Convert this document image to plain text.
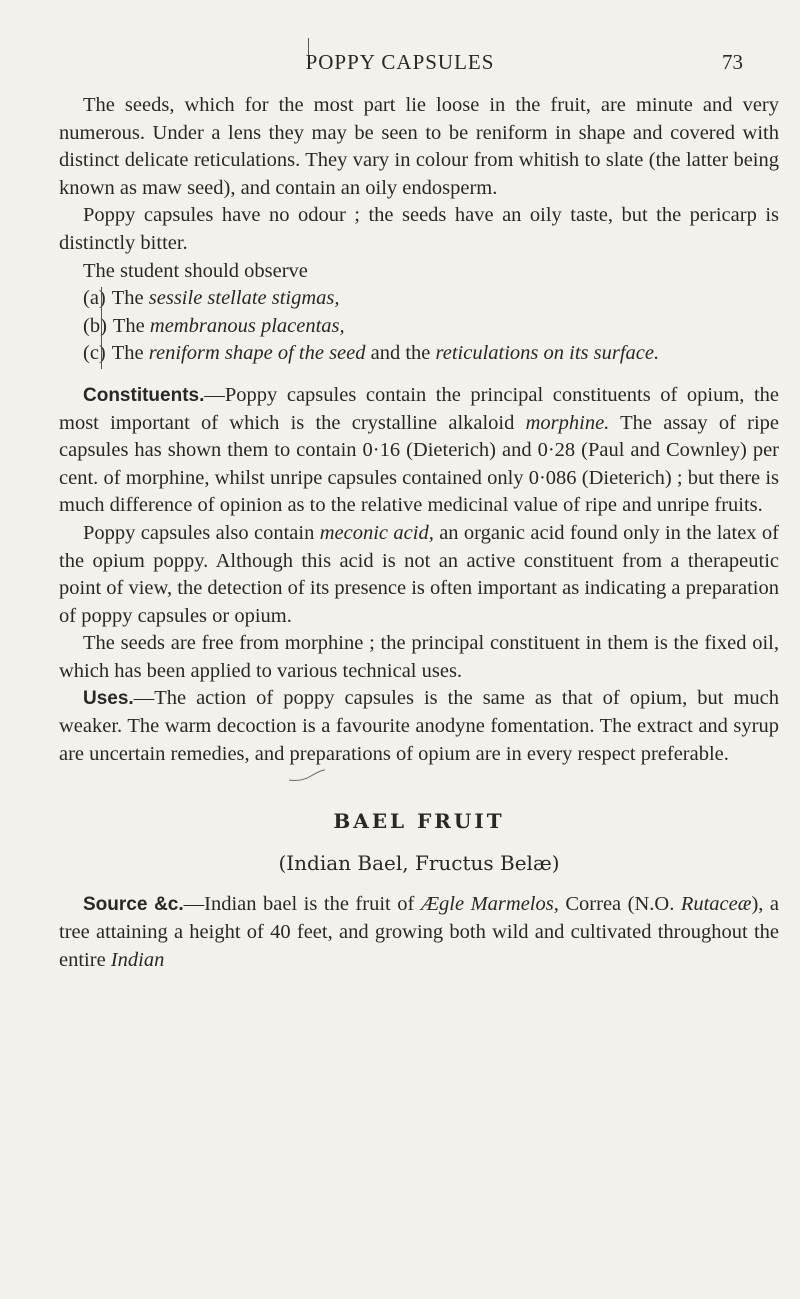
POPPY CAPSULES	73

The seeds, which for the most part lie loose in the fruit, are minute and very numerous. Under a lens they may be seen to be reniform in shape and covered with distinct delicate reticulations. They vary in colour from whitish to slate (the latter being known as maw seed), and contain an oily endosperm.

Poppy capsules have no odour ; the seeds have an oily taste, but the pericarp is distinctly bitter.

The student should observe

(a) The sessile stellate stigmas,
(b) The membranous placentas,
(c) The reniform shape of the seed and the reticulations on its surface.

Constituents.—Poppy capsules contain the principal constituents of opium, the most important of which is the crystalline alkaloid morphine. The assay of ripe capsules has shown them to contain 0·16 (Dieterich) and 0·28 (Paul and Cownley) per cent. of morphine, whilst unripe capsules contained only 0·086 (Dieterich) ; but there is much difference of opinion as to the relative medicinal value of ripe and unripe fruits.

Poppy capsules also contain meconic acid, an organic acid found only in the latex of the opium poppy. Although this acid is not an active constituent from a therapeutic point of view, the detection of its presence is often important as indicating a preparation of poppy capsules or opium.

The seeds are free from morphine ; the principal constituent in them is the fixed oil, which has been applied to various technical uses.

Uses.—The action of poppy capsules is the same as that of opium, but much weaker. The warm decoction is a favourite anodyne fomentation. The extract and syrup are uncertain remedies, and preparations of opium are in every respect preferable.

BAEL FRUIT
(Indian Bael, Fructus Belæ)

Source &c.—Indian bael is the fruit of Ægle Marmelos, Correa (N.O. Rutaceæ), a tree attaining a height of 40 feet, and growing both wild and cultivated throughout the entire Indian
